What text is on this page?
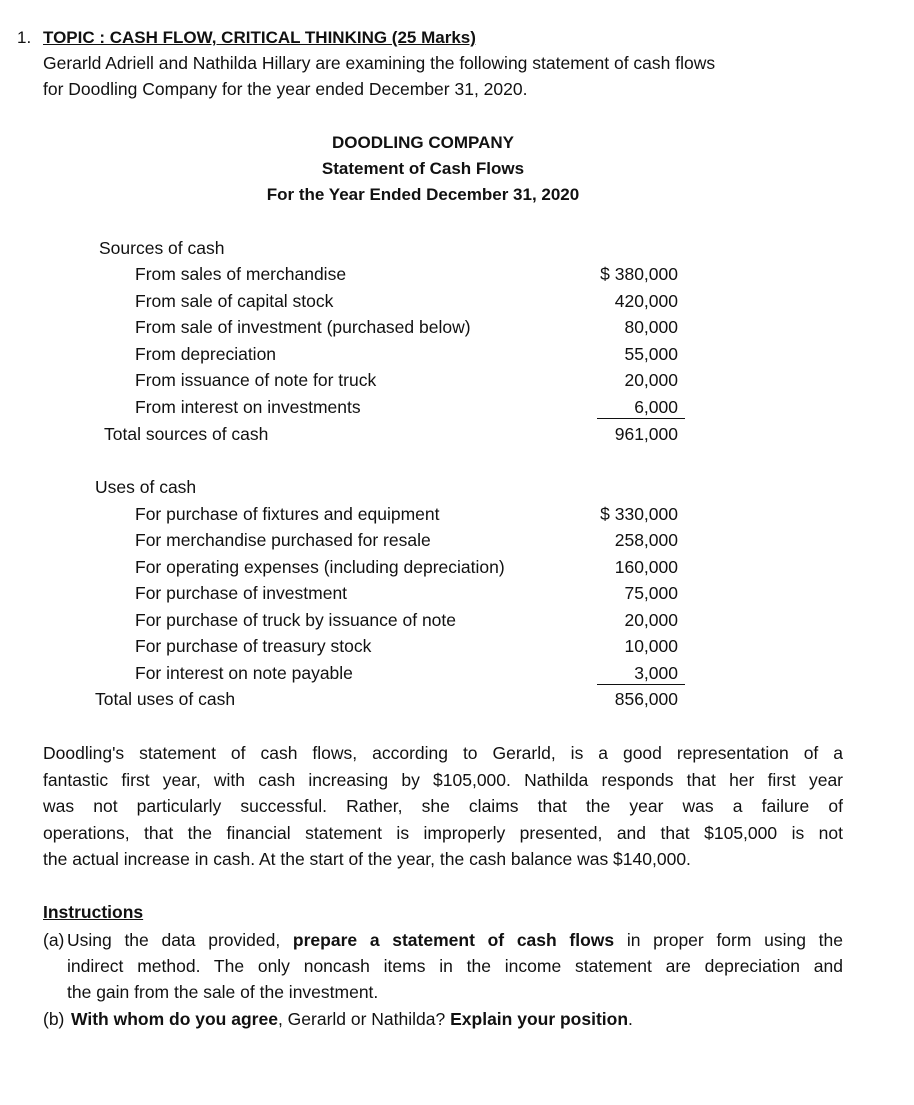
1. TOPIC : CASH FLOW, CRITICAL THINKING (25 Marks)
Gerarld Adriell and Nathilda Hillary are examining the following statement of cash flows
for Doodling Company for the year ended December 31, 2020.
DOODLING COMPANY
Statement of Cash Flows
For the Year Ended December 31, 2020
Sources of cash
From sales of merchandise	$ 380,000
From sale of capital stock	420,000
From sale of investment (purchased below)	80,000
From depreciation	55,000
From issuance of note for truck	20,000
From interest on investments	6,000
Total sources of cash	961,000
Uses of cash
For purchase of fixtures and equipment	$ 330,000
For merchandise purchased for resale	258,000
For operating expenses (including depreciation)	160,000
For purchase of investment	75,000
For purchase of truck by issuance of note	20,000
For purchase of treasury stock	10,000
For interest on note payable	3,000
Total uses of cash	856,000
Doodling's statement of cash flows, according to Gerarld, is a good representation of a
fantastic first year, with cash increasing by $105,000. Nathilda responds that her first year
was not particularly successful. Rather, she claims that the year was a failure of
operations, that the financial statement is improperly presented, and that $105,000 is not
the actual increase in cash. At the start of the year, the cash balance was $140,000.
Instructions
(a) Using the data provided, prepare a statement of cash flows in proper form using the
indirect method. The only noncash items in the income statement are depreciation and
the gain from the sale of the investment.
(b) With whom do you agree, Gerarld or Nathilda? Explain your position.
